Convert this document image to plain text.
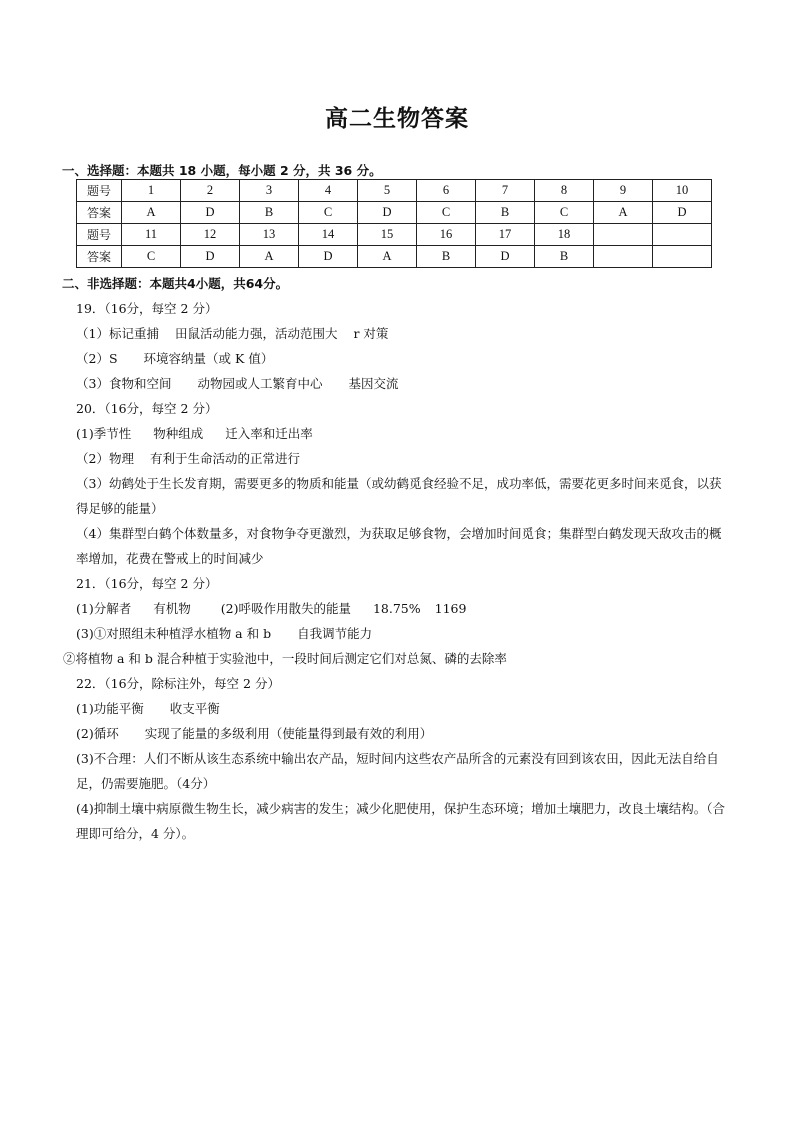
高二生物答案
一、选择题：本题共 18 小题，每小题 2 分，共 36 分。
题号	1	2	3	4	5	6	7	8	9	10
答案	A	D	B	C	D	C	B	C	A	D
题号	11	12	13	14	15	16	17	18		
答案	C	D	A	D	A	B	D	B		
二、非选择题：本题共4小题，共64分。
19．（16分，每空 2 分）
（1）标记重捕 田鼠活动能力强，活动范围大 r 对策
（2）S 环境容纳量（或 K 值）
（3）食物和空间 动物园或人工繁育中心 基因交流
20．（16分，每空 2 分）
(1)季节性 物种组成 迁入率和迁出率
（2）物理 有利于生命活动的正常进行
（3）幼鹤处于生长发育期，需要更多的物质和能量（或幼鹤觅食经验不足，成功率低，需要花更多时间来觅食，以获得足够的能量）
（4）集群型白鹤个体数量多，对食物争夺更激烈，为获取足够食物，会增加时间觅食；集群型白鹤发现天敌攻击的概率增加，花费在警戒上的时间减少
21．（16分，每空 2 分）
(1)分解者 有机物 (2)呼吸作用散失的能量 18.75% 1169
(3)①对照组未种植浮水植物 a 和 b 自我调节能力
②将植物 a 和 b 混合种植于实验池中，一段时间后测定它们对总氮、磷的去除率
22．（16分，除标注外，每空 2 分）
(1)功能平衡 收支平衡
(2)循环 实现了能量的多级利用（使能量得到最有效的利用）
(3)不合理：人们不断从该生态系统中输出农产品，短时间内这些农产品所含的元素没有回到该农田，因此无法自给自足，仍需要施肥。（4分）
(4)抑制土壤中病原微生物生长，减少病害的发生；减少化肥使用，保护生态环境；增加土壤肥力，改良土壤结构。（合理即可给分，4 分）。
